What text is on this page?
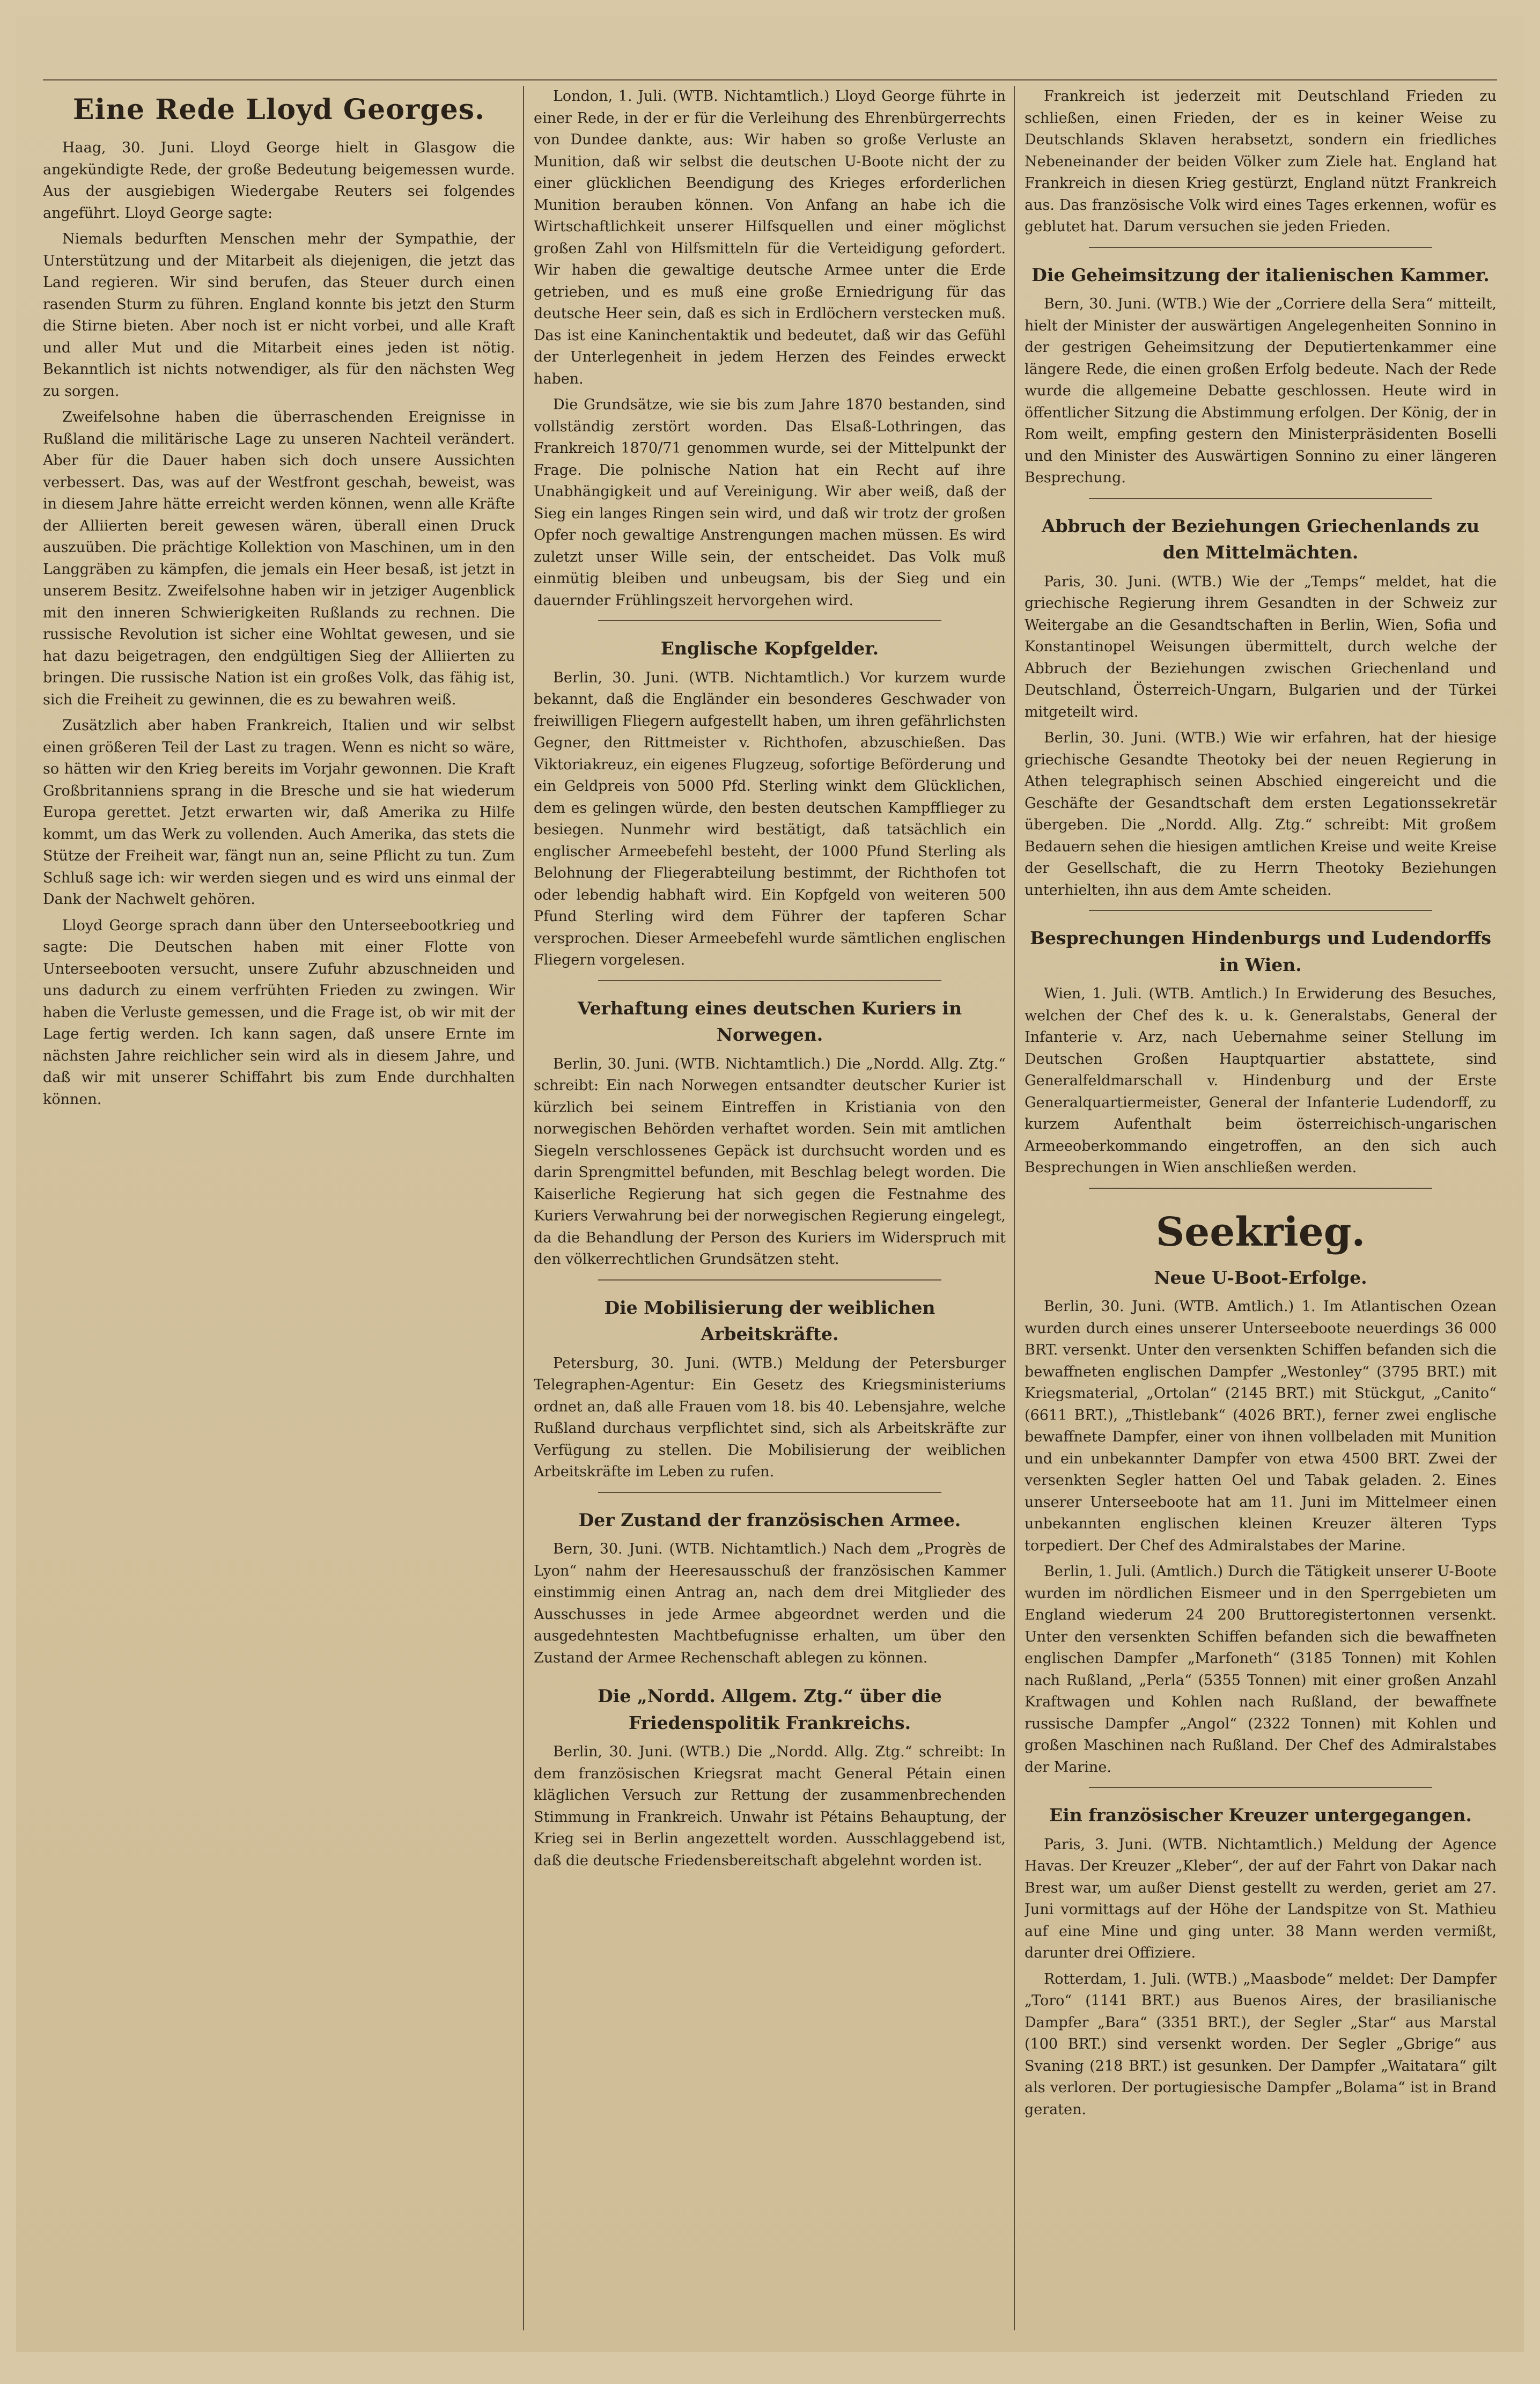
Eine Rede Lloyd Georges.

Haag, 30. Juni. Lloyd George hielt in Glasgow die angekündigte Rede, der große Bedeutung beigemessen wurde. Aus der ausgiebigen Wiedergabe Reuters sei folgendes angeführt. Lloyd George sagte:

Niemals bedurften Menschen mehr der Sympathie, der Unterstützung und der Mitarbeit als diejenigen, die jetzt das Land regieren. Wir sind berufen, das Steuer durch einen rasenden Sturm zu führen. England konnte bis jetzt den Sturm die Stirne bieten. Aber noch ist er nicht vorbei, und alle Kraft und aller Mut und die Mitarbeit eines jeden ist nötig. Bekanntlich ist nichts notwendiger, als für den nächsten Weg zu sorgen.

Zweifelsohne haben die überraschenden Ereignisse in Rußland die militärische Lage zu unseren Nachteil verändert. Aber für die Dauer haben sich doch unsere Aussichten verbessert. Das, was auf der Westfront geschah, beweist, was in diesem Jahre hätte erreicht werden können, wenn alle Kräfte der Alliierten bereit gewesen wären, überall einen Druck auszuüben. Die prächtige Kollektion von Maschinen, um in den Langgräben zu kämpfen, die jemals ein Heer besaß, ist jetzt in unserem Besitz. Zweifelsohne haben wir in jetziger Augenblick mit den inneren Schwierigkeiten Rußlands zu rechnen. Die russische Revolution ist sicher eine Wohltat gewesen, und sie hat dazu beigetragen, den endgültigen Sieg der Alliierten zu bringen. Die russische Nation ist ein großes Volk, das fähig ist, sich die Freiheit zu gewinnen, die es zu bewahren weiß.

Zusätzlich aber haben Frankreich, Italien und wir selbst einen größeren Teil der Last zu tragen. Wenn es nicht so wäre, so hätten wir den Krieg bereits im Vorjahr gewonnen. Die Kraft Großbritanniens sprang in die Bresche und sie hat wiederum Europa gerettet. Jetzt erwarten wir, daß Amerika zu Hilfe kommt, um das Werk zu vollenden. Auch Amerika, das stets die Stütze der Freiheit war, fängt nun an, seine Pflicht zu tun. Zum Schluß sage ich: wir werden siegen und es wird uns einmal der Dank der Nachwelt gehören.

Lloyd George sprach dann über den Unterseebootkrieg und sagte: Die Deutschen haben mit einer Flotte von Unterseebooten versucht, unsere Zufuhr abzuschneiden und uns dadurch zu einem verfrühten Frieden zu zwingen. Wir haben die Verluste gemessen, und die Frage ist, ob wir mit der Lage fertig werden. Ich kann sagen, daß unsere Ernte im nächsten Jahre reichlicher sein wird als in diesem Jahre, und daß wir mit unserer Schiffahrt bis zum Ende durchhalten können.

London, 1. Juli. (WTB. Nichtamtlich.) Lloyd George führte in einer Rede, in der er für die Verleihung des Ehrenbürgerrechts von Dundee dankte, aus: Wir haben so große Verluste an Munition, daß wir selbst die deutschen U-Boote nicht der zu einer glücklichen Beendigung des Krieges erforderlichen Munition berauben können. Von Anfang an habe ich die Wirtschaftlichkeit unserer Hilfsquellen und einer möglichst großen Zahl von Hilfsmitteln für die Verteidigung gefordert. Wir haben die gewaltige deutsche Armee unter die Erde getrieben, und es muß eine große Erniedrigung für das deutsche Heer sein, daß es sich in Erdlöchern verstecken muß. Das ist eine Kaninchentaktik und bedeutet, daß wir das Gefühl der Unterlegenheit in jedem Herzen des Feindes erweckt haben.

Die Grundsätze, wie sie bis zum Jahre 1870 bestanden, sind vollständig zerstört worden. Das Elsaß-Lothringen, das Frankreich 1870/71 genommen wurde, sei der Mittelpunkt der Frage. Die polnische Nation hat ein Recht auf ihre Unabhängigkeit und auf Vereinigung. Wir aber weiß, daß der Sieg ein langes Ringen sein wird, und daß wir trotz der großen Opfer noch gewaltige Anstrengungen machen müssen. Es wird zuletzt unser Wille sein, der entscheidet. Das Volk muß einmütig bleiben und unbeugsam, bis der Sieg und ein dauernder Frühlingszeit hervorgehen wird.

Englische Kopfgelder.

Berlin, 30. Juni. (WTB. Nichtamtlich.) Vor kurzem wurde bekannt, daß die Engländer ein besonderes Geschwader von freiwilligen Fliegern aufgestellt haben, um ihren gefährlichsten Gegner, den Rittmeister v. Richthofen, abzuschießen. Das Viktoriakreuz, ein eigenes Flugzeug, sofortige Beförderung und ein Geldpreis von 5000 Pfd. Sterling winkt dem Glücklichen, dem es gelingen würde, den besten deutschen Kampfflieger zu besiegen. Nunmehr wird bestätigt, daß tatsächlich ein englischer Armeebefehl besteht, der 1000 Pfund Sterling als Belohnung der Fliegerabteilung bestimmt, der Richthofen tot oder lebendig habhaft wird. Ein Kopfgeld von weiteren 500 Pfund Sterling wird dem Führer der tapferen Schar versprochen. Dieser Armeebefehl wurde sämtlichen englischen Fliegern vorgelesen.

Verhaftung eines deutschen Kuriers in Norwegen.

Berlin, 30. Juni. (WTB. Nichtamtlich.) Die „Nordd. Allg. Ztg.“ schreibt: Ein nach Norwegen entsandter deutscher Kurier ist kürzlich bei seinem Eintreffen in Kristiania von den norwegischen Behörden verhaftet worden. Sein mit amtlichen Siegeln verschlossenes Gepäck ist durchsucht worden und es darin Sprengmittel befunden, mit Beschlag belegt worden. Die Kaiserliche Regierung hat sich gegen die Festnahme des Kuriers Verwahrung bei der norwegischen Regierung eingelegt, da die Behandlung der Person des Kuriers im Widerspruch mit den völkerrechtlichen Grundsätzen steht.

Die Mobilisierung der weiblichen Arbeitskräfte.

Petersburg, 30. Juni. (WTB.) Meldung der Petersburger Telegraphen-Agentur: Ein Gesetz des Kriegsministeriums ordnet an, daß alle Frauen vom 18. bis 40. Lebensjahre, welche Rußland durchaus verpflichtet sind, sich als Arbeitskräfte zur Verfügung zu stellen. Die Mobilisierung der weiblichen Arbeitskräfte im Leben zu rufen.

Der Zustand der französischen Armee.

Bern, 30. Juni. (WTB. Nichtamtlich.) Nach dem „Progrès de Lyon“ nahm der Heeresausschuß der französischen Kammer einstimmig einen Antrag an, nach dem drei Mitglieder des Ausschusses in jede Armee abgeordnet werden und die ausgedehntesten Machtbefugnisse erhalten, um über den Zustand der Armee Rechenschaft ablegen zu können.

Die „Nordd. Allgem. Ztg.“ über die Friedenspolitik Frankreichs.

Berlin, 30. Juni. (WTB.) Die „Nordd. Allg. Ztg.“ schreibt: In dem französischen Kriegsrat macht General Pétain einen kläglichen Versuch zur Rettung der zusammenbrechenden Stimmung in Frankreich. Unwahr ist Pétains Behauptung, der Krieg sei in Berlin angezettelt worden. Ausschlaggebend ist, daß die deutsche Friedensbereitschaft abgelehnt worden ist.

Frankreich ist jederzeit mit Deutschland Frieden zu schließen, einen Frieden, der es in keiner Weise zu Deutschlands Sklaven herabsetzt, sondern ein friedliches Nebeneinander der beiden Völker zum Ziele hat. England hat Frankreich in diesen Krieg gestürzt, England nützt Frankreich aus. Das französische Volk wird eines Tages erkennen, wofür es geblutet hat. Darum versuchen sie jeden Frieden.

Die Geheimsitzung der italienischen Kammer.

Bern, 30. Juni. (WTB.) Wie der „Corriere della Sera“ mitteilt, hielt der Minister der auswärtigen Angelegenheiten Sonnino in der gestrigen Geheimsitzung der Deputiertenkammer eine längere Rede, die einen großen Erfolg bedeute. Nach der Rede wurde die allgemeine Debatte geschlossen. Heute wird in öffentlicher Sitzung die Abstimmung erfolgen. Der König, der in Rom weilt, empfing gestern den Ministerpräsidenten Boselli und den Minister des Auswärtigen Sonnino zu einer längeren Besprechung.

Abbruch der Beziehungen Griechenlands zu den Mittelmächten.

Paris, 30. Juni. (WTB.) Wie der „Temps“ meldet, hat die griechische Regierung ihrem Gesandten in der Schweiz zur Weitergabe an die Gesandtschaften in Berlin, Wien, Sofia und Konstantinopel Weisungen übermittelt, durch welche der Abbruch der Beziehungen zwischen Griechenland und Deutschland, Österreich-Ungarn, Bulgarien und der Türkei mitgeteilt wird.

Berlin, 30. Juni. (WTB.) Wie wir erfahren, hat der hiesige griechische Gesandte Theotoky bei der neuen Regierung in Athen telegraphisch seinen Abschied eingereicht und die Geschäfte der Gesandtschaft dem ersten Legationssekretär übergeben. Die „Nordd. Allg. Ztg.“ schreibt: Mit großem Bedauern sehen die hiesigen amtlichen Kreise und weite Kreise der Gesellschaft, die zu Herrn Theotoky Beziehungen unterhielten, ihn aus dem Amte scheiden.

Besprechungen Hindenburgs und Ludendorffs in Wien.

Wien, 1. Juli. (WTB. Amtlich.) In Erwiderung des Besuches, welchen der Chef des k. u. k. Generalstabs, General der Infanterie v. Arz, nach Uebernahme seiner Stellung im Deutschen Großen Hauptquartier abstattete, sind Generalfeldmarschall v. Hindenburg und der Erste Generalquartiermeister, General der Infanterie Ludendorff, zu kurzem Aufenthalt beim österreichisch-ungarischen Armeeoberkommando eingetroffen, an den sich auch Besprechungen in Wien anschließen werden.

Seekrieg.
Neue U-Boot-Erfolge.

Berlin, 30. Juni. (WTB. Amtlich.) 1. Im Atlantischen Ozean wurden durch eines unserer Unterseeboote neuerdings 36 000 BRT. versenkt. Unter den versenkten Schiffen befanden sich die bewaffneten englischen Dampfer „Westonley“ (3795 BRT.) mit Kriegsmaterial, „Ortolan“ (2145 BRT.) mit Stückgut, „Canito“ (6611 BRT.), „Thistlebank“ (4026 BRT.), ferner zwei englische bewaffnete Dampfer, einer von ihnen vollbeladen mit Munition und ein unbekannter Dampfer von etwa 4500 BRT. Zwei der versenkten Segler hatten Oel und Tabak geladen. 2. Eines unserer Unterseeboote hat am 11. Juni im Mittelmeer einen unbekannten englischen kleinen Kreuzer älteren Typs torpediert. Der Chef des Admiralstabes der Marine.

Berlin, 1. Juli. (Amtlich.) Durch die Tätigkeit unserer U-Boote wurden im nördlichen Eismeer und in den Sperrgebieten um England wiederum 24 200 Bruttoregistertonnen versenkt. Unter den versenkten Schiffen befanden sich die bewaffneten englischen Dampfer „Marfoneth“ (3185 Tonnen) mit Kohlen nach Rußland, „Perla“ (5355 Tonnen) mit einer großen Anzahl Kraftwagen und Kohlen nach Rußland, der bewaffnete russische Dampfer „Angol“ (2322 Tonnen) mit Kohlen und großen Maschinen nach Rußland. Der Chef des Admiralstabes der Marine.

Ein französischer Kreuzer untergegangen.

Paris, 3. Juni. (WTB. Nichtamtlich.) Meldung der Agence Havas. Der Kreuzer „Kleber“, der auf der Fahrt von Dakar nach Brest war, um außer Dienst gestellt zu werden, geriet am 27. Juni vormittags auf der Höhe der Landspitze von St. Mathieu auf eine Mine und ging unter. 38 Mann werden vermißt, darunter drei Offiziere.

Rotterdam, 1. Juli. (WTB.) „Maasbode“ meldet: Der Dampfer „Toro“ (1141 BRT.) aus Buenos Aires, der brasilianische Dampfer „Bara“ (3351 BRT.), der Segler „Star“ aus Marstal (100 BRT.) sind versenkt worden. Der Segler „Gbrige“ aus Svaning (218 BRT.) ist gesunken. Der Dampfer „Waitatara“ gilt als verloren. Der portugiesische Dampfer „Bolama“ ist in Brand geraten.
